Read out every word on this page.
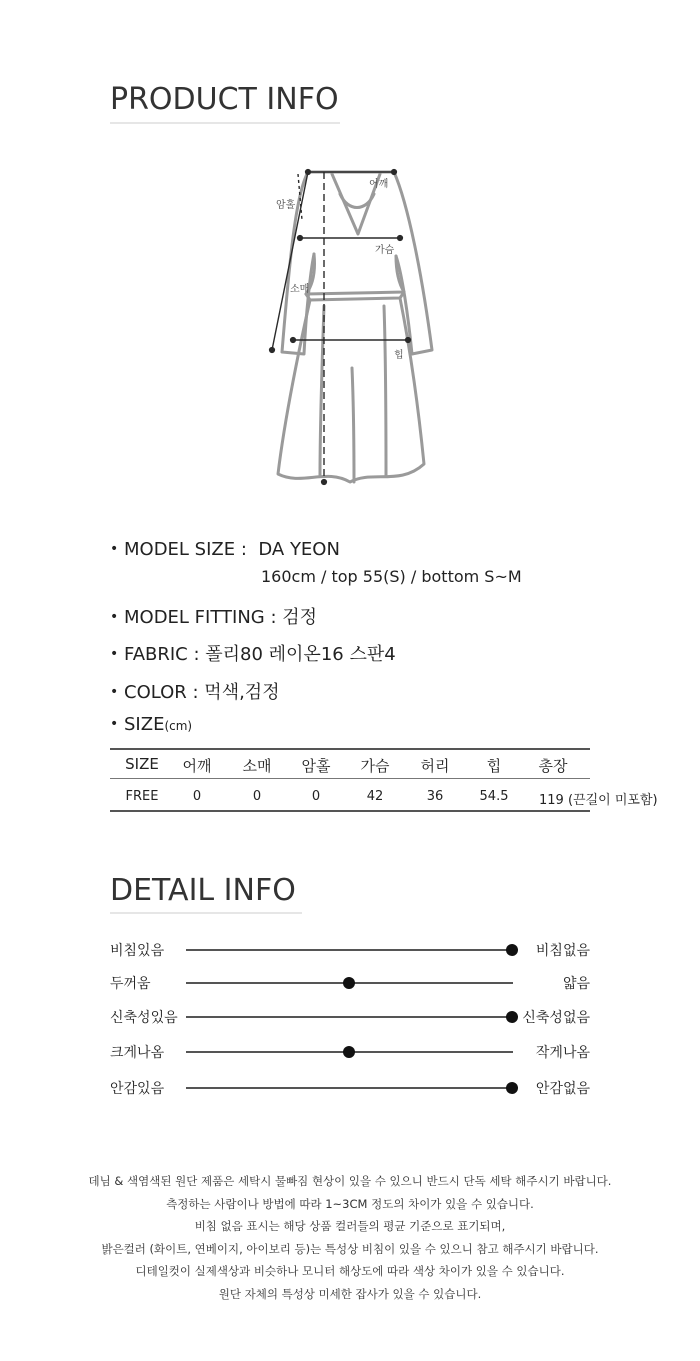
PRODUCT INFO
어깨
암홀
가슴
소매
힙
• MODEL SIZE : DA YEON
160cm / top 55(S) / bottom S~M
• MODEL FITTING : 검정
• FABRIC : 폴리80 레이온16 스판4
• COLOR : 먹색,검정
• SIZE(cm)
SIZE 어깨 소매 암홀 가슴 허리 힙 총장
FREE	0	0	0	42	36	54.5 119 (끈길이 미포함)
DETAIL INFO
비침있음	비침없음
두꺼움	얇음
신축성있음	신축성없음
크게나옴	작게나옴
안감있음	안감없음
데님 & 색염색된 원단 제품은 세탁시 물빠짐 현상이 있을 수 있으니 반드시 단독 세탁 해주시기 바랍니다.
측정하는 사람이나 방법에 따라 1~3CM 정도의 차이가 있을 수 있습니다.
비침 없음 표시는 해당 상품 컬러들의 평균 기준으로 표기되며,
밝은컬러 (화이트, 연베이지, 아이보리 등)는 특성상 비침이 있을 수 있으니 참고 해주시기 바랍니다.
디테일컷이 실제색상과 비슷하나 모니터 해상도에 따라 색상 차이가 있을 수 있습니다.
원단 자체의 특성상 미세한 잡사가 있을 수 있습니다.
